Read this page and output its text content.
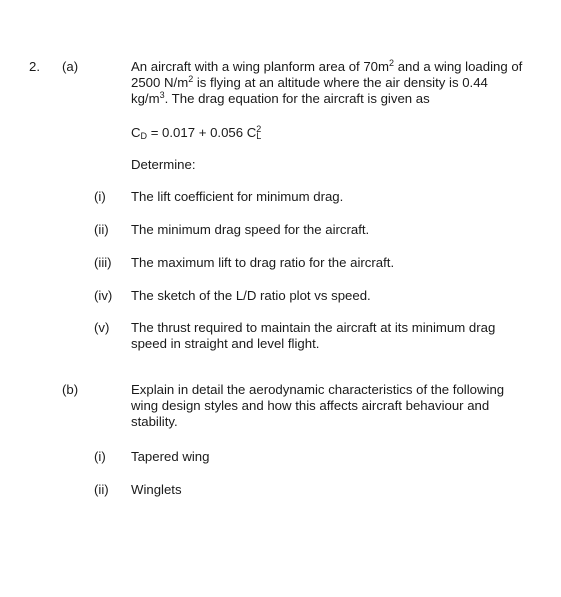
2. (a)	An aircraft with a wing planform area of $70m^2$ and a wing loading of
2500 $N/m^2$ is flying at an altitude where the air density is 0.44
$kg/m^3$. The drag equation for the aircraft is given as
$C_D = 0.017 + 0.056$ $C_L^2$
Determine:
(i) The lift coefficient for minimum drag.
(ii) The minimum drag speed for the aircraft.
(iii) The maximum lift to drag ratio for the aircraft.
(iv) The sketch of the L/D ratio plot vs speed.
(v) The thrust required to maintain the aircraft at its minimum drag
speed in straight and level flight.
(b)	Explain in detail the aerodynamic characteristics of the following
wing design styles and how this affects aircraft behaviour and
stability.
(i) Tapered wing
(ii) Winglets
